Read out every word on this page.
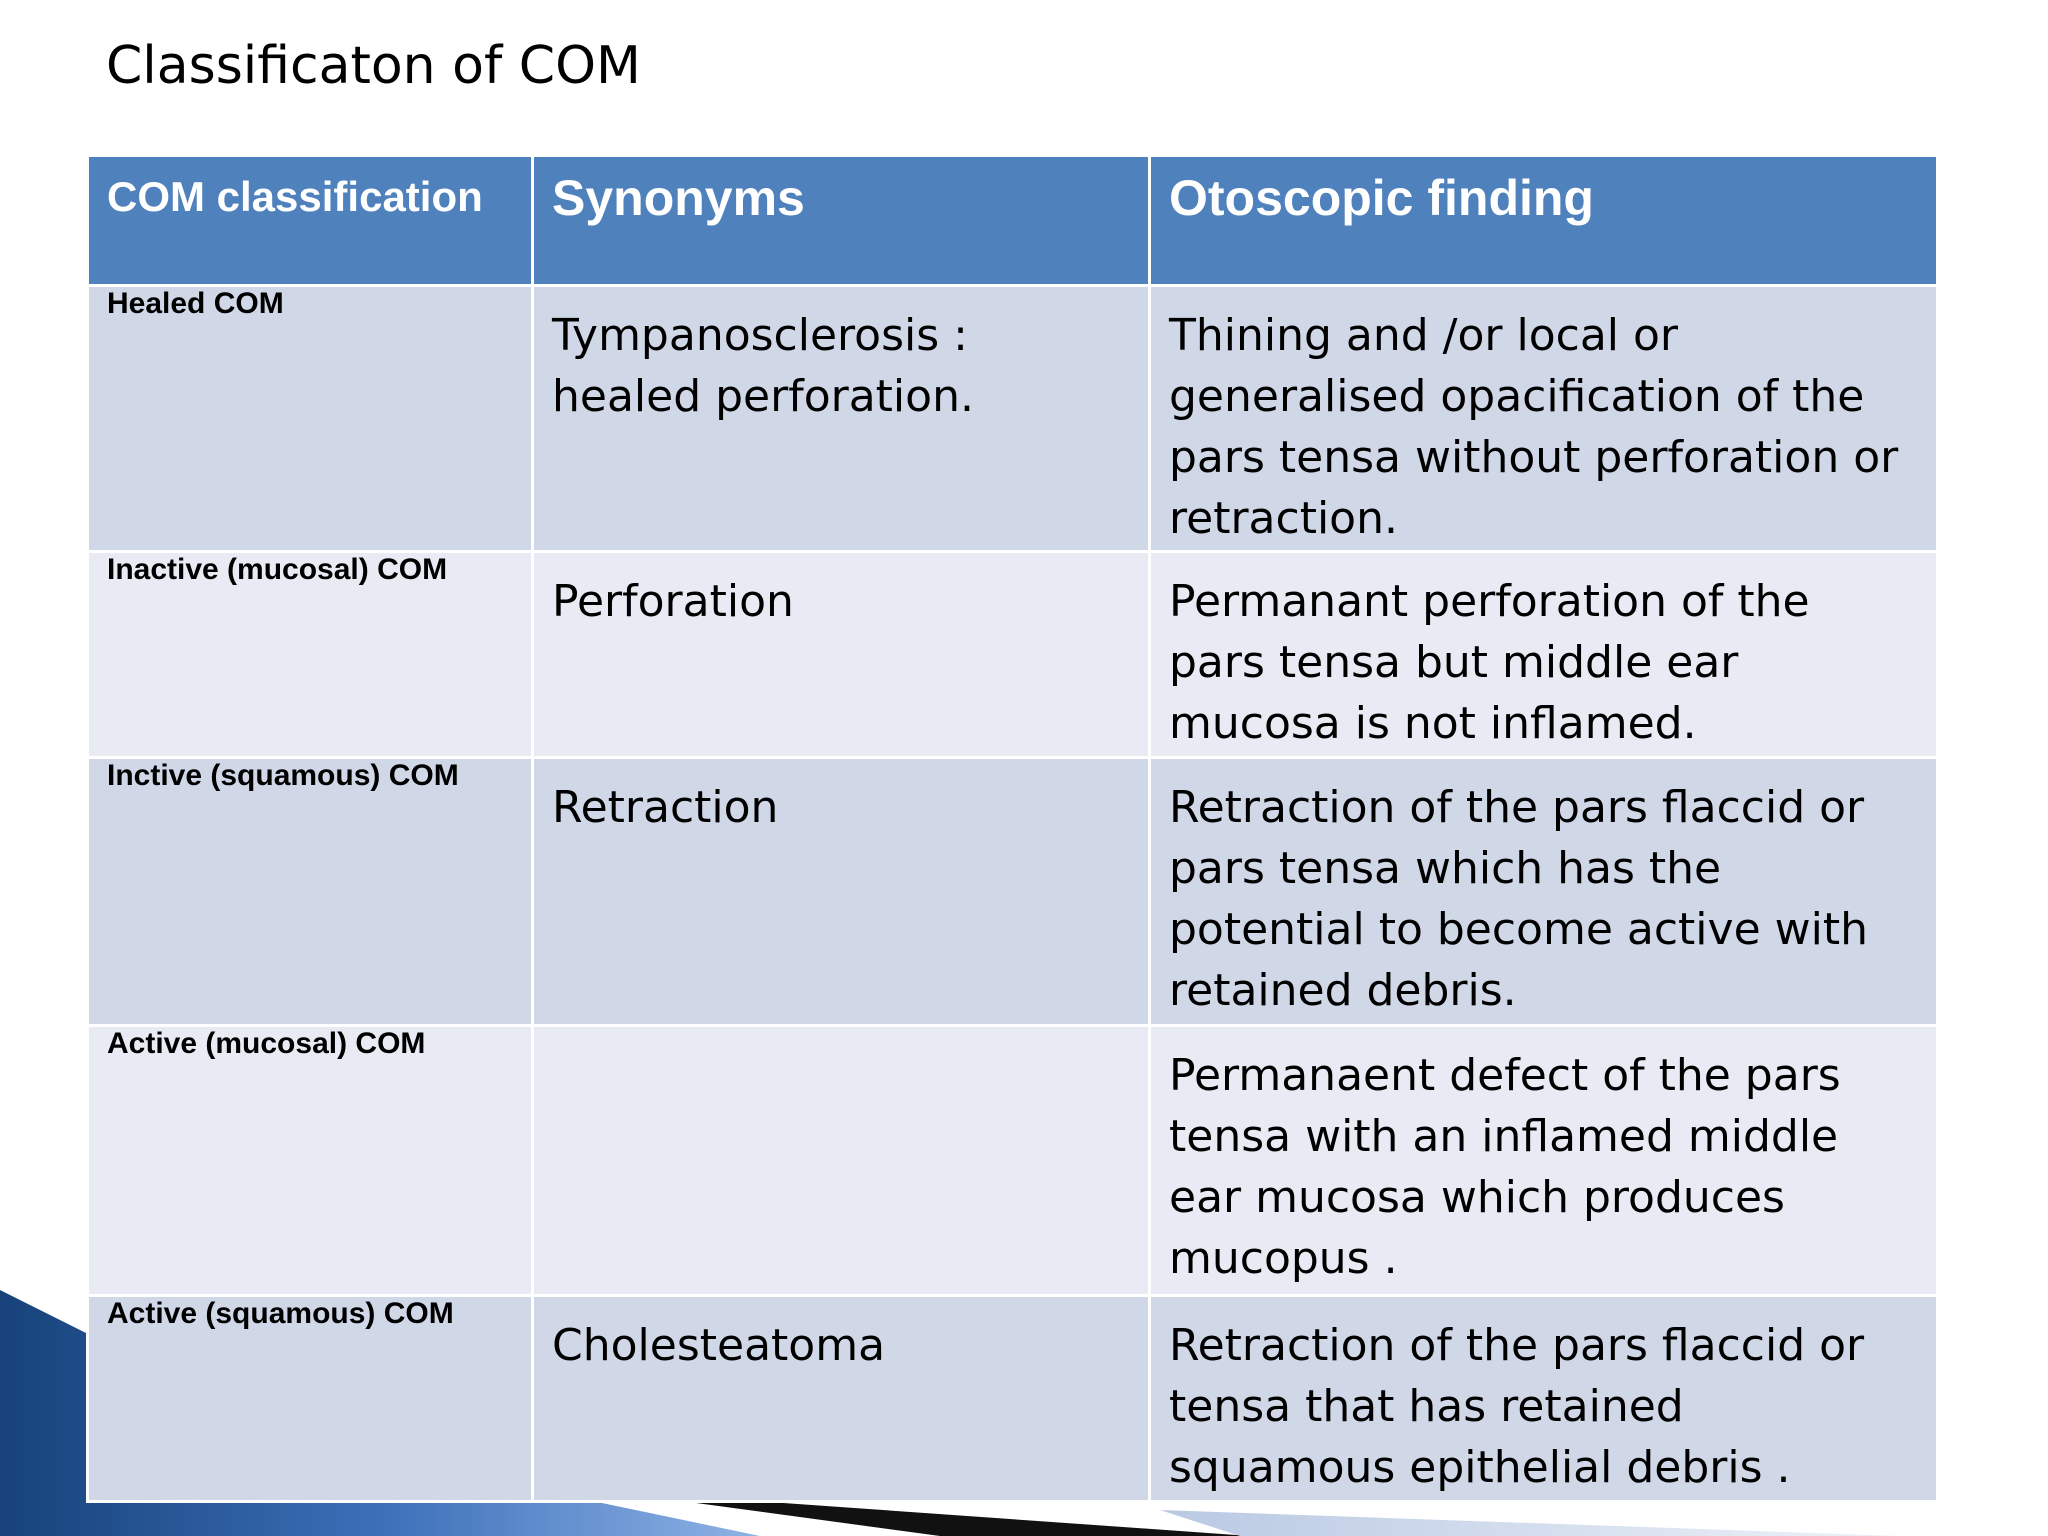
Classificaton of COM
COM classification	Synonyms	Otoscopic finding
Healed COM	Tympanosclerosis : healed perforation.	Thining and /or local or generalised opacification of the pars tensa without perforation or retraction.
Inactive (mucosal) COM	Perforation	Permanant perforation of the pars tensa but middle ear mucosa is not inflamed.
Inctive (squamous) COM	Retraction	Retraction of the pars flaccid or pars tensa which has the potential to become active with retained debris.
Active (mucosal) COM		Permanaent defect of the pars tensa with an inflamed middle ear mucosa which produces mucopus .
Active (squamous) COM	Cholesteatoma	Retraction of the pars flaccid or tensa that has retained squamous epithelial debris .
